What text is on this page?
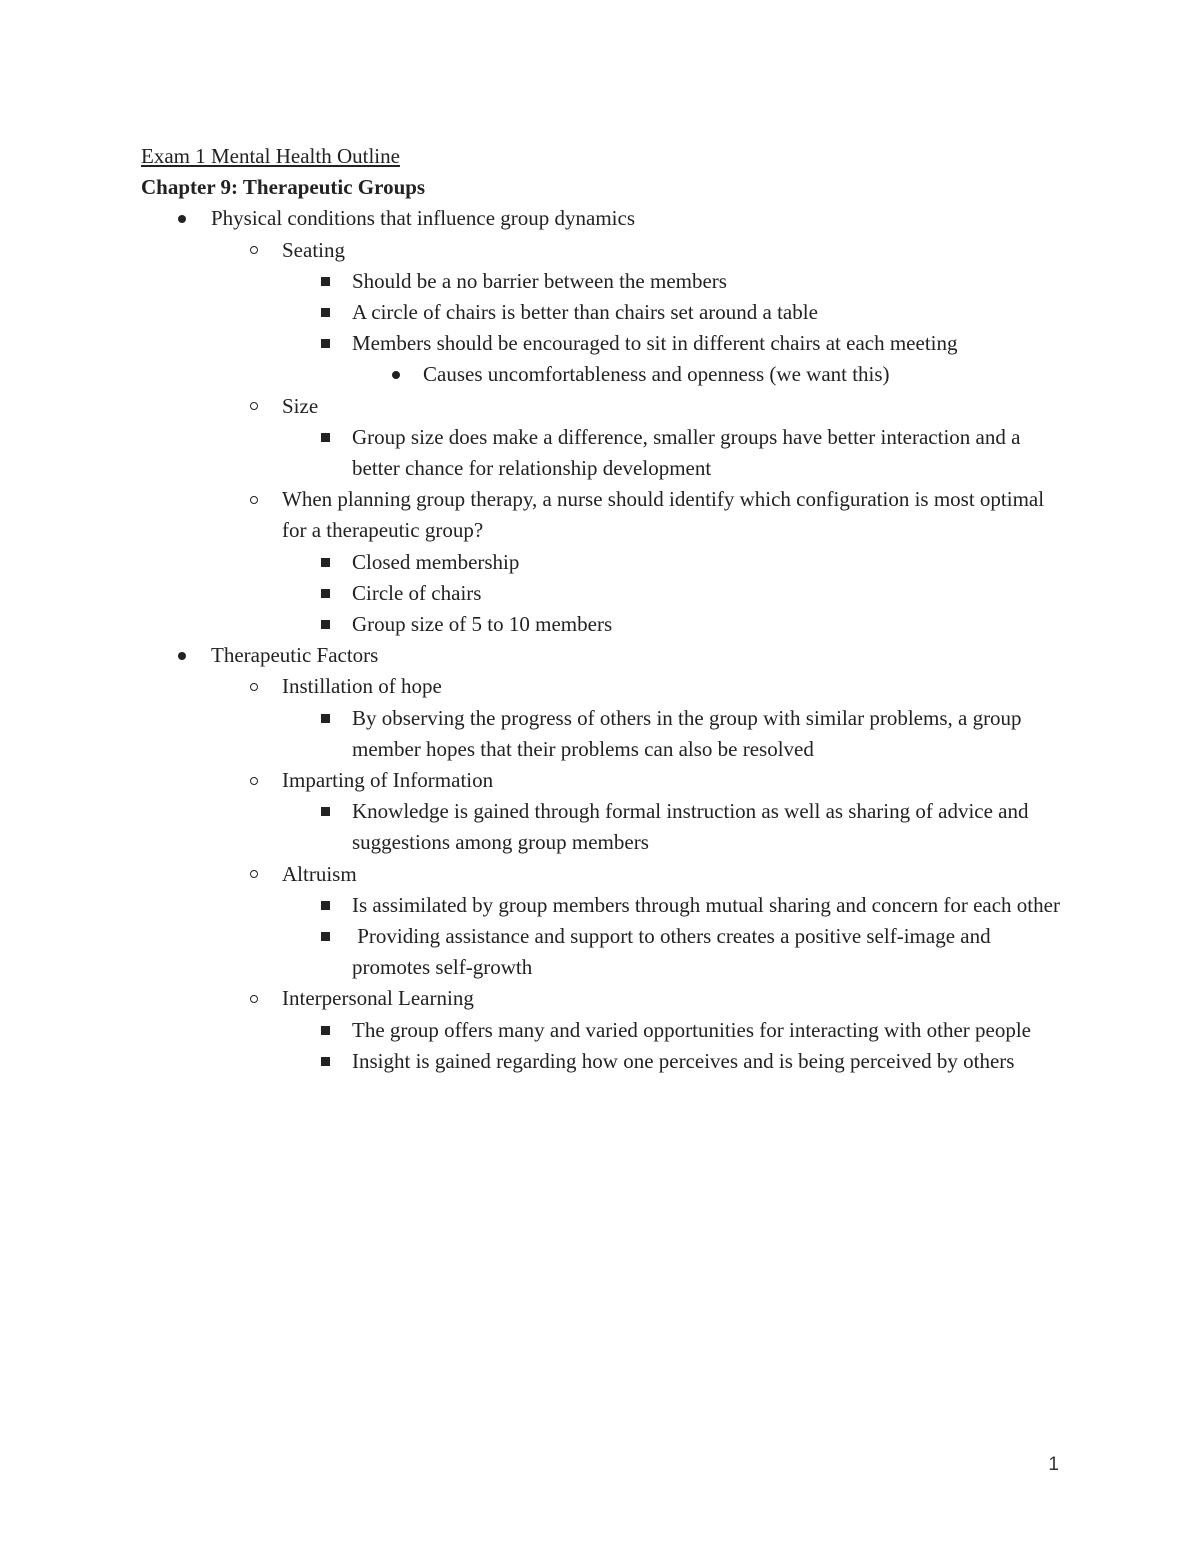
Exam 1 Mental Health Outline

Chapter 9: Therapeutic Groups

Physical conditions that influence group dynamics
Seating
Should be a no barrier between the members
A circle of chairs is better than chairs set around a table
Members should be encouraged to sit in different chairs at each meeting
Causes uncomfortableness and openness (we want this)
Size
Group size does make a difference, smaller groups have better interaction and a better chance for relationship development
When planning group therapy, a nurse should identify which configuration is most optimal for a therapeutic group?
Closed membership
Circle of chairs
Group size of 5 to 10 members
Therapeutic Factors
Instillation of hope
By observing the progress of others in the group with similar problems, a group member hopes that their problems can also be resolved
Imparting of Information
Knowledge is gained through formal instruction as well as sharing of advice and suggestions among group members
Altruism
Is assimilated by group members through mutual sharing and concern for each other
Providing assistance and support to others creates a positive self-image and promotes self-growth
Interpersonal Learning
The group offers many and varied opportunities for interacting with other people
Insight is gained regarding how one perceives and is being perceived by others
1
